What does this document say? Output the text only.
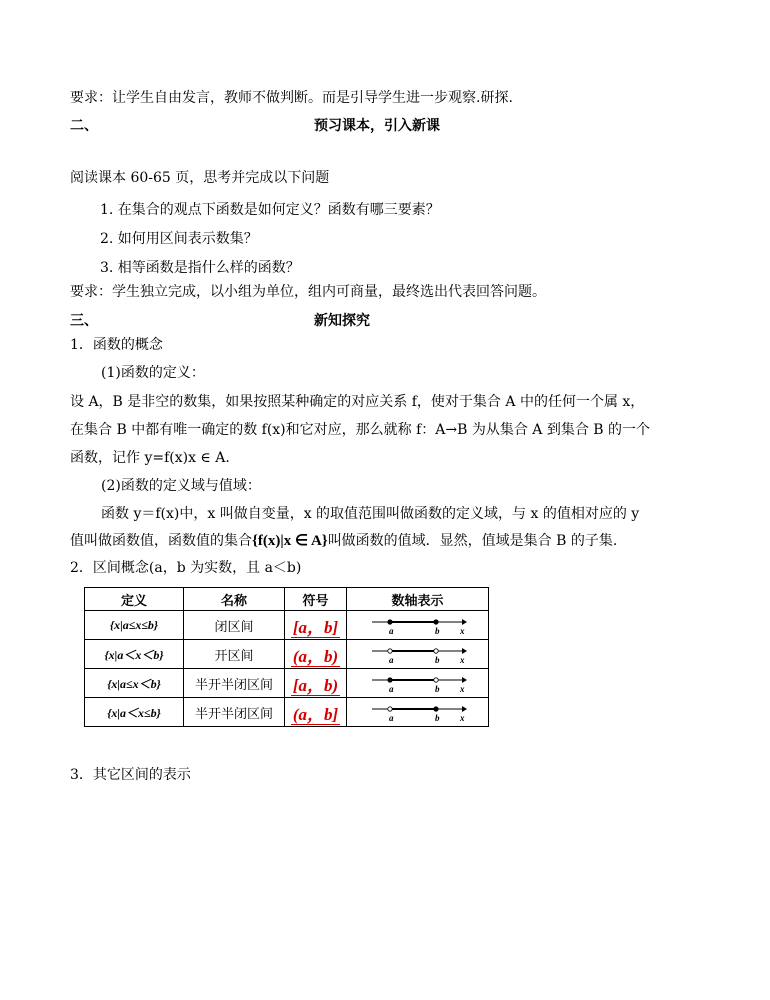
要求：让学生自由发言，教师不做判断。而是引导学生进一步观察.研探.
二、	预习课本，引入新课
阅读课本 60-65 页，思考并完成以下问题
1. 在集合的观点下函数是如何定义？函数有哪三要素？
2. 如何用区间表示数集？
3. 相等函数是指什么样的函数？
要求：学生独立完成，以小组为单位，组内可商量，最终选出代表回答问题。
三、	新知探究
1．函数的概念
(1)函数的定义：
设 A，B 是非空的数集，如果按照某种确定的对应关系 f，使对于集合 A 中的任何一个属 x，
在集合 B 中都有唯一确定的数 f(x)和它对应，那么就称 f：A→B 为从集合 A 到集合 B 的一个
函数，记作 y=f(x)x ∈ A.
(2)函数的定义域与值域：
函数 y＝f(x)中，x 叫做自变量，x 的取值范围叫做函数的定义域，与 x 的值相对应的 y
值叫做函数值，函数值的集合{f(x)|x ∈ A}叫做函数的值域．显然，值域是集合 B 的子集.
2．区间概念(a，b 为实数，且 a＜b)
定义	名称	符号	数轴表示
{x|a≤x≤b}	闭区间	[a，b]	a b x

{x|a＜x＜b}	开区间	(a，b)	a b x

{x|a≤x＜b}	半开半闭区间	[a，b)	a b x

{x|a＜x≤b}	半开半闭区间	(a，b]	a b x
3．其它区间的表示
